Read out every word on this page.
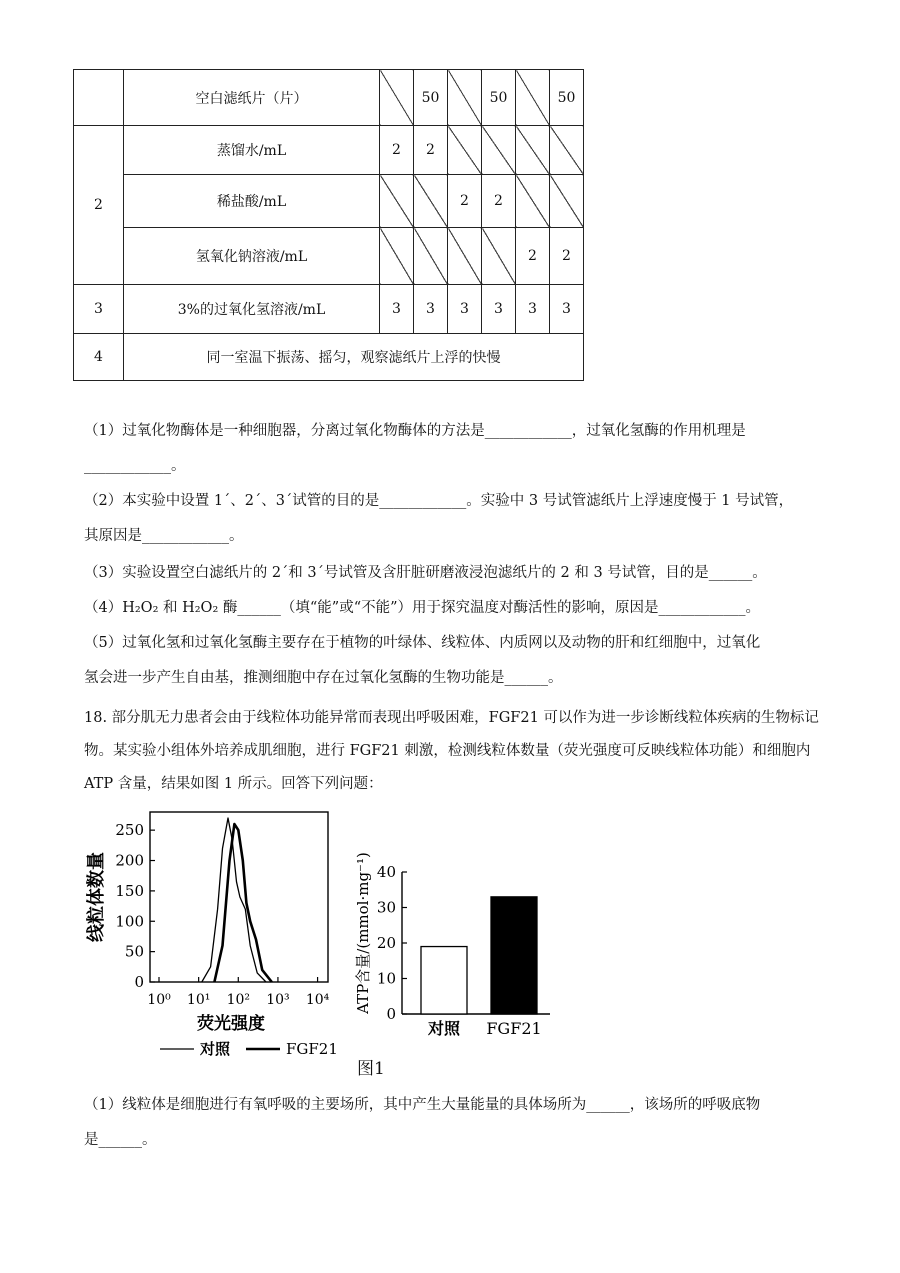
	空白滤纸片（片）		50		50		50
2	蒸馏水/mL	2	2				
	稀盐酸/mL			2	2		
	氢氧化钠溶液/mL					2	2
3	3%的过氧化氢溶液/mL	3	3	3	3	3	3
4	同一室温下振荡、摇匀，观察滤纸片上浮的快慢						
（1）过氧化物酶体是一种细胞器，分离过氧化物酶体的方法是____________，过氧化氢酶的作用机理是
____________。
（2）本实验中设置 1´、2´、3´试管的目的是____________。实验中 3 号试管滤纸片上浮速度慢于 1 号试管，
其原因是____________。
（3）实验设置空白滤纸片的 2´和 3´号试管及含肝脏研磨液浸泡滤纸片的 2 和 3 号试管，目的是______。
（4）H₂O₂ 和 H₂O₂ 酶______（填“能”或“不能”）用于探究温度对酶活性的影响，原因是____________。
（5）过氧化氢和过氧化氢酶主要存在于植物的叶绿体、线粒体、内质网以及动物的肝和红细胞中，过氧化
氢会进一步产生自由基，推测细胞中存在过氧化氢酶的生物功能是______。
18. 部分肌无力患者会由于线粒体功能异常而表现出呼吸困难，FGF21 可以作为进一步诊断线粒体疾病的生物标记物。某实验小组体外培养成肌细胞，进行 FGF21 刺激，检测线粒体数量（荧光强度可反映线粒体功能）和细胞内 ATP 含量，结果如图 1 所示。回答下列问题：
0
50
100
150
200
250
10⁰ 10¹ 10² 10³ 10⁴
荧光强度
线粒体数量
对照	FGF21
0
10
20
30
40
ATP含量/(mmol·mg⁻¹)
对照 FGF21
图1
（1）线粒体是细胞进行有氧呼吸的主要场所，其中产生大量能量的具体场所为______，该场所的呼吸底物
是______。
